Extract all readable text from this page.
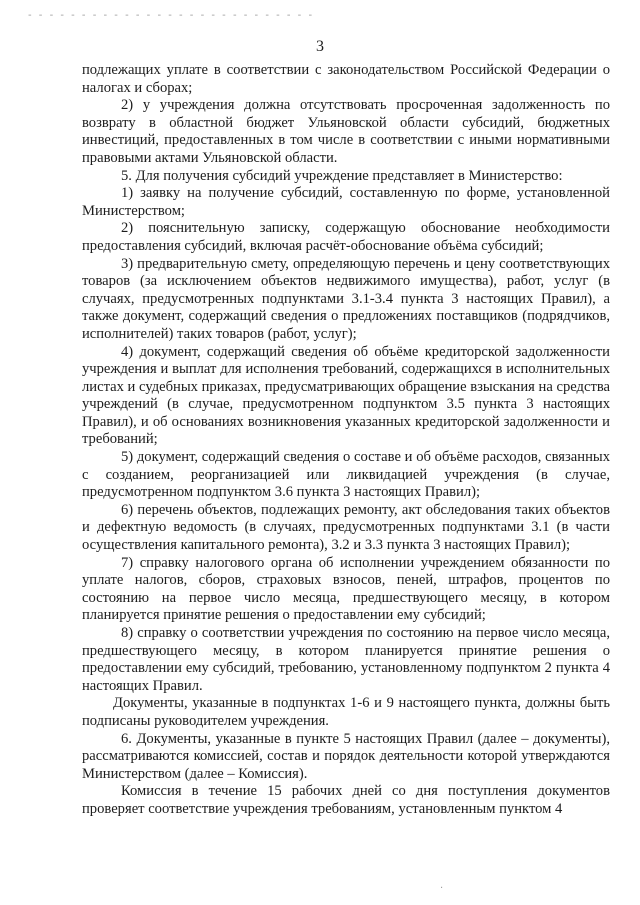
- - - - - - - - - - - - - - - - - - - - - - - - - - -
3

подлежащих уплате в соответствии с законодательством Российской Федерации о налогах и сборах;

2) у учреждения должна отсутствовать просроченная задолженность по возврату в областной бюджет Ульяновской области субсидий, бюджетных инвестиций, предоставленных в том числе в соответствии с иными нормативными правовыми актами Ульяновской области.

5. Для получения субсидий учреждение представляет в Министерство:

1) заявку на получение субсидий, составленную по форме, установленной Министерством;

2) пояснительную записку, содержащую обоснование необходимости предоставления субсидий, включая расчёт-обоснование объёма субсидий;

3) предварительную смету, определяющую перечень и цену соответствующих товаров (за исключением объектов недвижимого имущества), работ, услуг (в случаях, предусмотренных подпунктами 3.1-3.4 пункта 3 настоящих Правил), а также документ, содержащий сведения о предложениях поставщиков (подрядчиков, исполнителей) таких товаров (работ, услуг);

4) документ, содержащий сведения об объёме кредиторской задолженности учреждения и выплат для исполнения требований, содержащихся в исполнительных листах и судебных приказах, предусматривающих обращение взыскания на средства учреждений (в случае, предусмотренном подпунктом 3.5 пункта 3 настоящих Правил), и об основаниях возникновения указанных кредиторской задолженности и требований;

5) документ, содержащий сведения о составе и об объёме расходов, связанных с созданием, реорганизацией или ликвидацией учреждения (в случае, предусмотренном подпунктом 3.6 пункта 3 настоящих Правил);

6) перечень объектов, подлежащих ремонту, акт обследования таких объектов и дефектную ведомость (в случаях, предусмотренных подпунктами 3.1 (в части осуществления капитального ремонта), 3.2 и 3.3 пункта 3 настоящих Правил);

7) справку налогового органа об исполнении учреждением обязанности по уплате налогов, сборов, страховых взносов, пеней, штрафов, процентов по состоянию на первое число месяца, предшествующего месяцу, в котором планируется принятие решения о предоставлении ему субсидий;

8) справку о соответствии учреждения по состоянию на первое число месяца, предшествующего месяцу, в котором планируется принятие решения о предоставлении ему субсидий, требованию, установленному подпунктом 2 пункта 4 настоящих Правил.

Документы, указанные в подпунктах 1-6 и 9 настоящего пункта, должны быть подписаны руководителем учреждения.

6. Документы, указанные в пункте 5 настоящих Правил (далее – документы), рассматриваются комиссией, состав и порядок деятельности которой утверждаются Министерством (далее – Комиссия).

Комиссия в течение 15 рабочих дней со дня поступления документов проверяет соответствие учреждения требованиям, установленным пунктом 4

·
